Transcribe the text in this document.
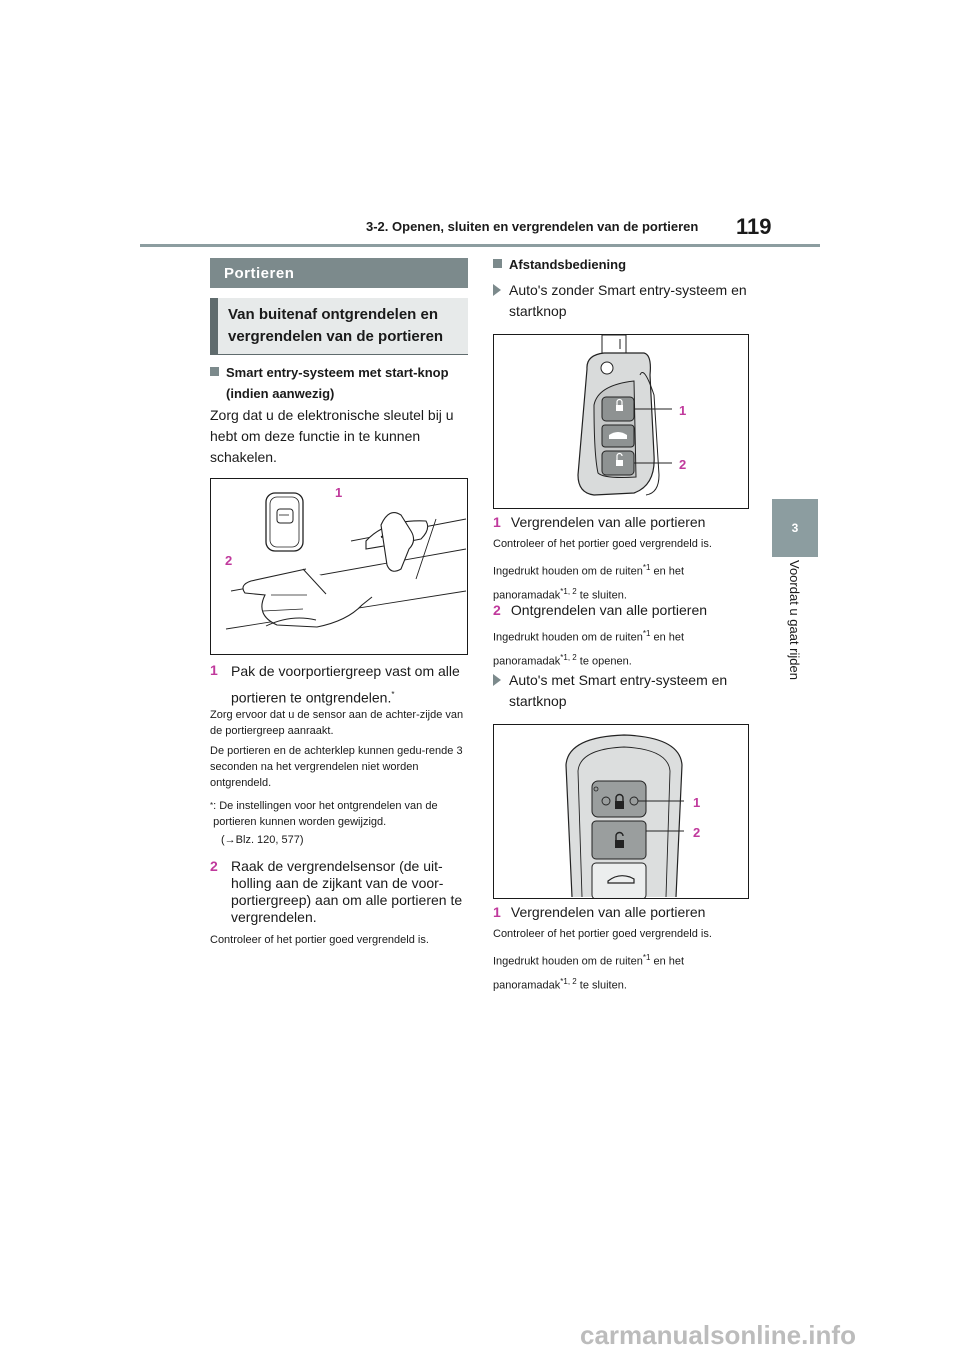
3-2. Openen, sluiten en vergrendelen van de portieren 119
3
Voordat u gaat rijden
Portieren
Van buitenaf ontgrendelen en vergrendelen van de portieren
Smart entry-systeem met start-knop (indien aanwezig)
Zorg dat u de elektronische sleutel bij u hebt om deze functie in te kunnen schakelen.
1
2
1 Pak de voorportiergreep vast om alle portieren te ontgrendelen.*
Zorg ervoor dat u de sensor aan de achter-zijde van de portiergreep aanraakt.
De portieren en de achterklep kunnen gedu-rende 3 seconden na het vergrendelen niet worden ontgrendeld.
* : De instellingen voor het ontgrendelen van de portieren kunnen worden gewijzigd.
(→Blz. 120, 577)
2 Raak de vergrendelsensor (de uit-holling aan de zijkant van de voor-portiergreep) aan om alle portieren te vergrendelen.
Controleer of het portier goed vergrendeld is.
Afstandsbediening
Auto's zonder Smart entry-systeem en startknop
1
2
1 Vergrendelen van alle portieren
Controleer of het portier goed vergrendeld is.
Ingedrukt houden om de ruiten$^{*1}$ en het panoramadak$^{*1, 2}$ te sluiten.
2 Ontgrendelen van alle portieren
Ingedrukt houden om de ruiten$^{*1}$ en het panoramadak$^{*1, 2}$ te openen.
Auto's met Smart entry-systeem en startknop
1
2
1 Vergrendelen van alle portieren
Controleer of het portier goed vergrendeld is.
Ingedrukt houden om de ruiten$^{*1}$ en het panoramadak$^{*1, 2}$ te sluiten.
carmanualsonline.info
